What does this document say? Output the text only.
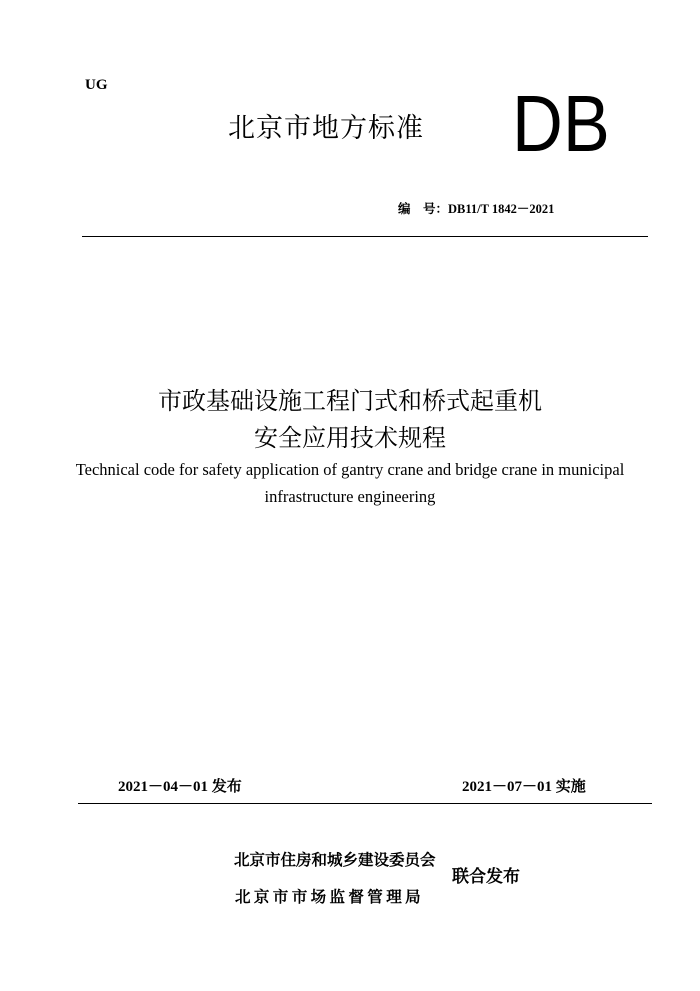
UG
北京市地方标准 DB
编　号：DB11/T 1842－2021
市政基础设施工程门式和桥式起重机
安全应用技术规程
Technical code for safety application of gantry crane and bridge crane in municipal
infrastructure engineering
2021－04－01 发布	2021－07－01 实施
北京市住房和城乡建设委员会
北京市市场监督管理局
联合发布
